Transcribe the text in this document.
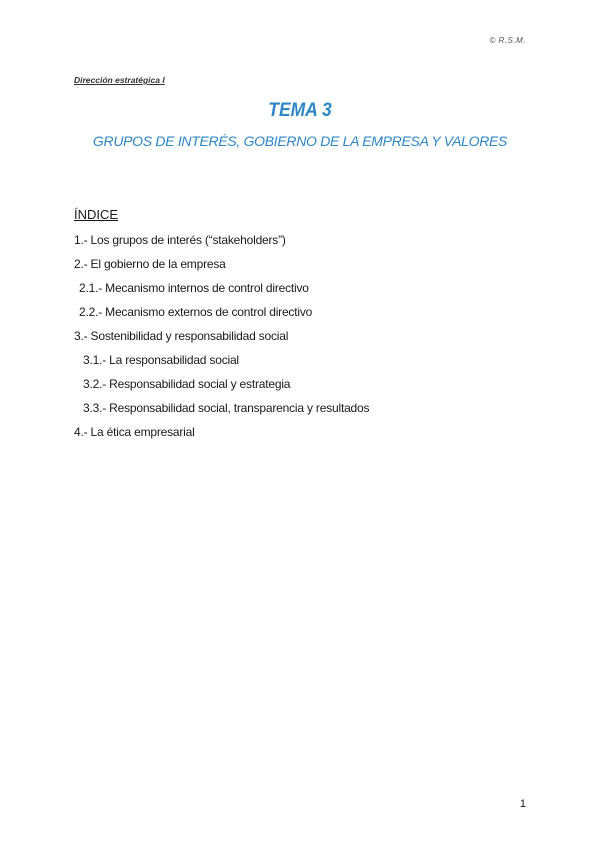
© R.S.M.
Dirección estratégica I
TEMA 3
GRUPOS DE INTERÉS, GOBIERNO DE LA EMPRESA Y VALORES
ÍNDICE
1.- Los grupos de interés (“stakeholders”)
2.- El gobierno de la empresa
2.1.- Mecanismo internos de control directivo
2.2.- Mecanismo externos de control directivo
3.- Sostenibilidad y responsabilidad social
3.1.- La responsabilidad social
3.2.- Responsabilidad social y estrategia
3.3.- Responsabilidad social, transparencia y resultados
4.- La ética empresarial
1
